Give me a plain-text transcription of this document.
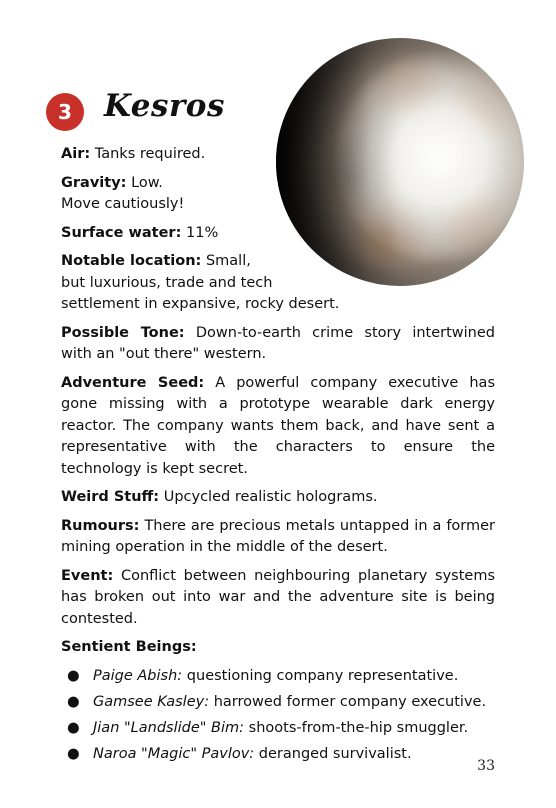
3	Kesros

Air: Tanks required.

Gravity: Low.
Move cautiously!

Surface water: 11%

Notable location: Small,
but luxurious, trade and tech
settlement in expansive, rocky desert.

Possible Tone: Down-to-earth crime story intertwined with an "out there" western.

Adventure Seed: A powerful company executive has gone missing with a prototype wearable dark energy reactor. The company wants them back, and have sent a representative with the characters to ensure the technology is kept secret.

Weird Stuff: Upcycled realistic holograms.

Rumours: There are precious metals untapped in a former mining operation in the middle of the desert.

Event: Conflict between neighbouring planetary systems has broken out into war and the adventure site is being contested.

Sentient Beings:

● Paige Abish: questioning company representative.
● Gamsee Kasley: harrowed former company executive.
● Jian "Landslide" Bim: shoots-from-the-hip smuggler.
● Naroa "Magic" Pavlov: deranged survivalist.
33
